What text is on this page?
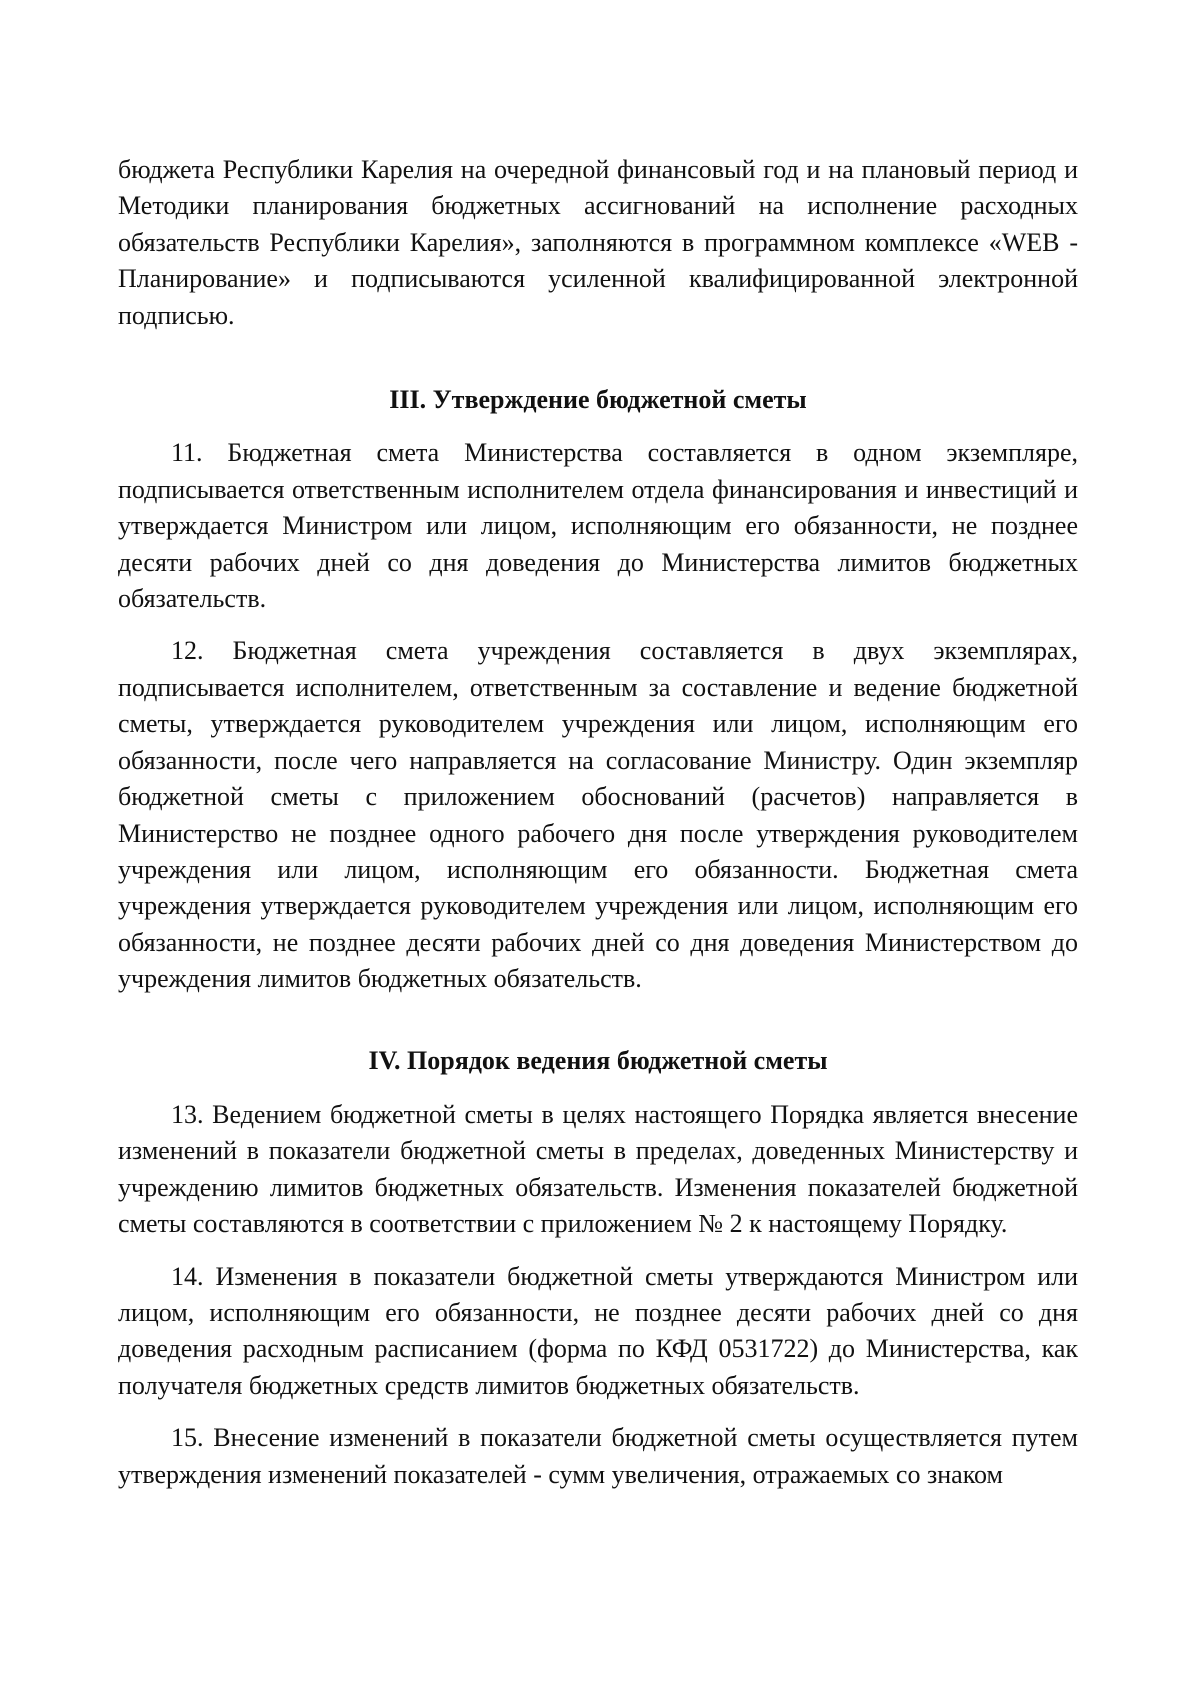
бюджета Республики Карелия на очередной финансовый год и на плановый период и Методики планирования бюджетных ассигнований на исполнение расходных обязательств Республики Карелия», заполняются в программном комплексе «WEB - Планирование» и подписываются усиленной квалифицированной электронной подписью.

III. Утверждение бюджетной сметы

11. Бюджетная смета Министерства составляется в одном экземпляре, подписывается ответственным исполнителем отдела финансирования и инвестиций и утверждается Министром или лицом, исполняющим его обязанности, не позднее десяти рабочих дней со дня доведения до Министерства лимитов бюджетных обязательств.

12. Бюджетная смета учреждения составляется в двух экземплярах, подписывается исполнителем, ответственным за составление и ведение бюджетной сметы, утверждается руководителем учреждения или лицом, исполняющим его обязанности, после чего направляется на согласование Министру. Один экземпляр бюджетной сметы с приложением обоснований (расчетов) направляется в Министерство не позднее одного рабочего дня после утверждения руководителем учреждения или лицом, исполняющим его обязанности. Бюджетная смета учреждения утверждается руководителем учреждения или лицом, исполняющим его обязанности, не позднее десяти рабочих дней со дня доведения Министерством до учреждения лимитов бюджетных обязательств.

IV. Порядок ведения бюджетной сметы

13. Ведением бюджетной сметы в целях настоящего Порядка является внесение изменений в показатели бюджетной сметы в пределах, доведенных Министерству и учреждению лимитов бюджетных обязательств. Изменения показателей бюджетной сметы составляются в соответствии с приложением № 2 к настоящему Порядку.

14. Изменения в показатели бюджетной сметы утверждаются Министром или лицом, исполняющим его обязанности, не позднее десяти рабочих дней со дня доведения расходным расписанием (форма по КФД 0531722) до Министерства, как получателя бюджетных средств лимитов бюджетных обязательств.

15. Внесение изменений в показатели бюджетной сметы осуществляется путем утверждения изменений показателей - сумм увеличения, отражаемых со знаком
